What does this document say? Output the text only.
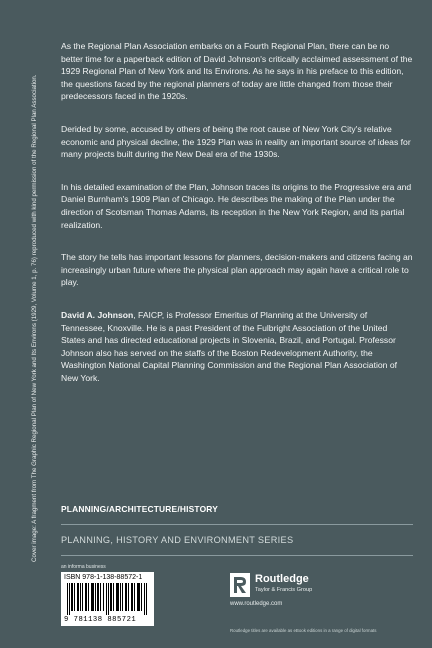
Cover image: A fragment from The Graphic Regional Plan of New York and Its Environs (1929, Volume 1, p. 76) reproduced with kind permission of the Regional Plan Association.

As the Regional Plan Association embarks on a Fourth Regional Plan, there can be no better time for a paperback edition of David Johnson's critically acclaimed assessment of the 1929 Regional Plan of New York and Its Environs. As he says in his preface to this edition, the questions faced by the regional planners of today are little changed from those their predecessors faced in the 1920s.

Derided by some, accused by others of being the root cause of New York City's relative economic and physical decline, the 1929 Plan was in reality an important source of ideas for many projects built during the New Deal era of the 1930s.

In his detailed examination of the Plan, Johnson traces its origins to the Progressive era and Daniel Burnham's 1909 Plan of Chicago. He describes the making of the Plan under the direction of Scotsman Thomas Adams, its reception in the New York Region, and its partial realization.

The story he tells has important lessons for planners, decision-makers and citizens facing an increasingly urban future where the physical plan approach may again have a critical role to play.

David A. Johnson, FAICP, is Professor Emeritus of Planning at the University of Tennessee, Knoxville. He is a past President of the Fulbright Association of the United States and has directed educational projects in Slovenia, Brazil, and Portugal. Professor Johnson also has served on the staffs of the Boston Redevelopment Authority, the Washington National Capital Planning Commission and the Regional Plan Association of New York.

PLANNING/ARCHITECTURE/HISTORY
PLANNING, HISTORY AND ENVIRONMENT SERIES
an informa business
ISBN 978-1-138-88572-1
9 781138 885721
Routledge
Taylor & Francis Group
www.routledge.com
Routledge titles are available as eBook editions in a range of digital formats
